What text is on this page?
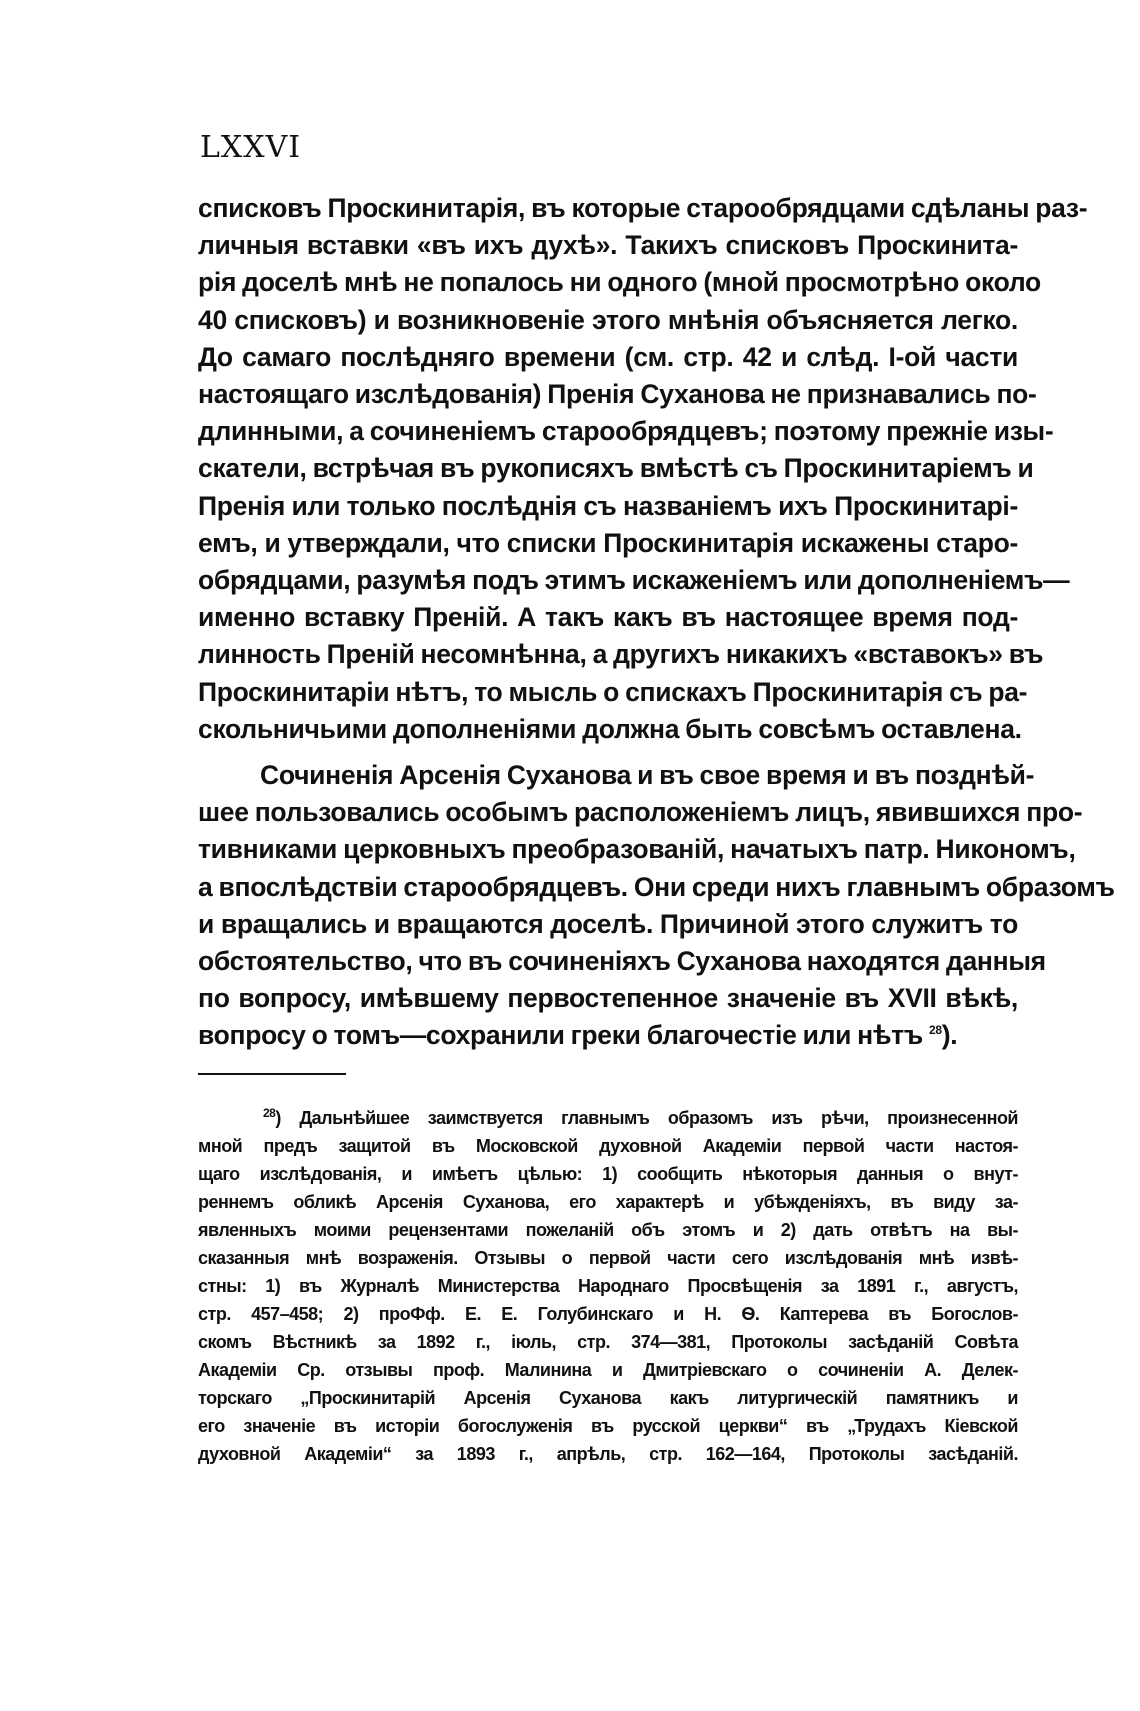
LXXVI
списковъ Проскинитарія, въ которые старообрядцами сдѣланы раз-
личныя вставки «въ ихъ духѣ». Такихъ списковъ Проскинита-
рія доселѣ мнѣ не попалось ни одного (мной просмотрѣно около
40 списковъ) и возникновеніе этого мнѣнія объясняется легко.
До самаго послѣдняго времени (см. стр. 42 и слѣд. І-ой части
настоящаго изслѣдованія) Пренія Суханова не признавались по-
длинными, а сочиненіемъ старообрядцевъ; поэтому прежніе изы-
скатели, встрѣчая въ рукописяхъ вмѣстѣ съ Проскинитаріемъ и
Пренія или только послѣднія съ названіемъ ихъ Проскинитарі-
емъ, и утверждали, что списки Проскинитарія искажены старо-
обрядцами, разумѣя подъ этимъ искаженіемъ или дополненіемъ—
именно вставку Преній. А такъ какъ въ настоящее время под-
линность Преній несомнѣнна, а другихъ никакихъ «вставокъ» въ
Проскинитаріи нѣтъ, то мысль о спискахъ Проскинитарія съ ра-
скольничьими дополненіями должна быть совсѣмъ оставлена.
Сочиненія Арсенія Суханова и въ свое время и въ позднѣй-
шее пользовались особымъ расположеніемъ лицъ, явившихся про-
тивниками церковныхъ преобразованій, начатыхъ патр. Никономъ,
а впослѣдствіи старообрядцевъ. Они среди нихъ главнымъ образомъ
и вращались и вращаются доселѣ. Причиной этого служитъ то
обстоятельство, что въ сочиненіяхъ Суханова находятся данныя
по вопросу, имѣвшему первостепенное значеніе въ XVII вѣкѣ,
вопросу о томъ—сохранили греки благочестіе или нѣтъ $^{28}$).
$^{28}$) Дальнѣйшее заимствуется главнымъ образомъ изъ рѣчи, произнесенной
мной предъ защитой въ Московской духовной Академіи первой части настоя-
щаго изслѣдованія, и имѣетъ цѣлью: 1) сообщить нѣкоторыя данныя о внут-
реннемъ обликѣ Арсенія Суханова, его характерѣ и убѣжденіяхъ, въ виду за-
явленныхъ моими рецензентами пожеланій объ этомъ и 2) дать отвѣтъ на вы-
сказанныя мнѣ возраженія. Отзывы о первой части сего изслѣдованія мнѣ извѣ-
стны: 1) въ Журналѣ Министерства Народнаго Просвѣщенія за 1891 г., августъ,
стр. 457–458; 2) проФф. Е. Е. Голубинскаго и Н. Ѳ. Каптерева въ Богослов-
скомъ Вѣстникѣ за 1892 г., іюль, стр. 374—381, Протоколы засѣданій Совѣта
Академіи Ср. отзывы проф. Малинина и Дмитріевскаго о сочиненіи А. Делек-
торскаго „Проскинитарій Арсенія Суханова какъ литургическій памятникъ и
его значеніе въ исторіи богослуженія въ русской церкви“ въ „Трудахъ Кіевской
духовной Академіи“ за 1893 г., апрѣль, стр. 162—164, Протоколы засѣданій.
